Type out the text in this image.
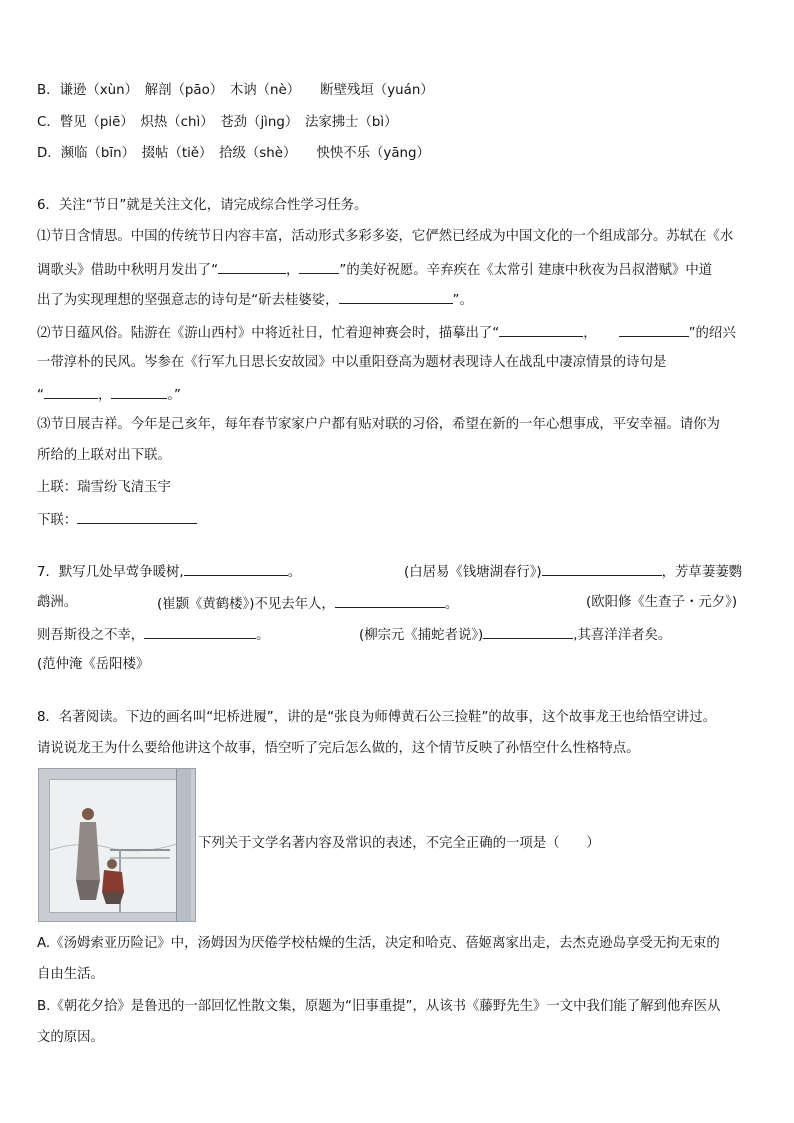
B．谦逊（xùn）　解剖（pāo）　木讷（nè）　　断壁残垣（yuán）
C．瞥见（piē）　炽热（chì）　苍劲（jìng）　法家拂士（bì）
D．濒临（bīn）　掇帖（tiě）　拾级（shè）　　怏怏不乐（yāng）
6．关注“节日”就是关注文化，请完成综合性学习任务。
⑴节日含情思。中国的传统节日内容丰富，活动形式多彩多姿，它俨然已经成为中国文化的一个组成部分。苏轼在《水
调歌头》借助中秋明月发出了“	，	”的美好祝愿。辛弃疾在《太常引 建康中秋夜为吕叔潜赋》中道
出了为实现理想的坚强意志的诗句是“斫去桂婆娑，	”。
⑵节日蕴风俗。陆游在《游山西村》中将近社日，忙着迎神赛会时，描摹出了“	，	”的绍兴
一带淳朴的民风。岑参在《行军九日思长安故园》中以重阳登高为题材表现诗人在战乱中凄凉情景的诗句是
“	，	。”
⑶节日展吉祥。今年是己亥年，每年春节家家户户都有贴对联的习俗，希望在新的一年心想事成，平安幸福。请你为
所给的上联对出下联。
上联：瑞雪纷飞清玉宇
下联：
7．默写几处早莺争暖树,	。	(白居易《钱塘湖春行》)	，芳草萋萋鹦
鹉洲。	(崔颢《黄鹤楼》)不见去年人，	。	(欧阳修《生查子・元夕》)
则吾斯役之不幸，	。	(柳宗元《捕蛇者说》)	,其喜洋洋者矣。
(范仲淹《岳阳楼》
8．名著阅读。下边的画名叫“圯桥进履”，讲的是“张良为师傅黄石公三捡鞋”的故事，这个故事龙王也给悟空讲过。
请说说龙王为什么要给他讲这个故事，悟空听了完后怎么做的，这个情节反映了孙悟空什么性格特点。
下列关于文学名著内容及常识的表述，不完全正确的一项是（　　）
A.《汤姆索亚历险记》中，汤姆因为厌倦学校枯燥的生活，决定和哈克、蓓姬离家出走，去杰克逊岛享受无拘无束的
自由生活。
B.《朝花夕拾》是鲁迅的一部回忆性散文集，原题为“旧事重提”，从该书《藤野先生》一文中我们能了解到他弃医从
文的原因。
